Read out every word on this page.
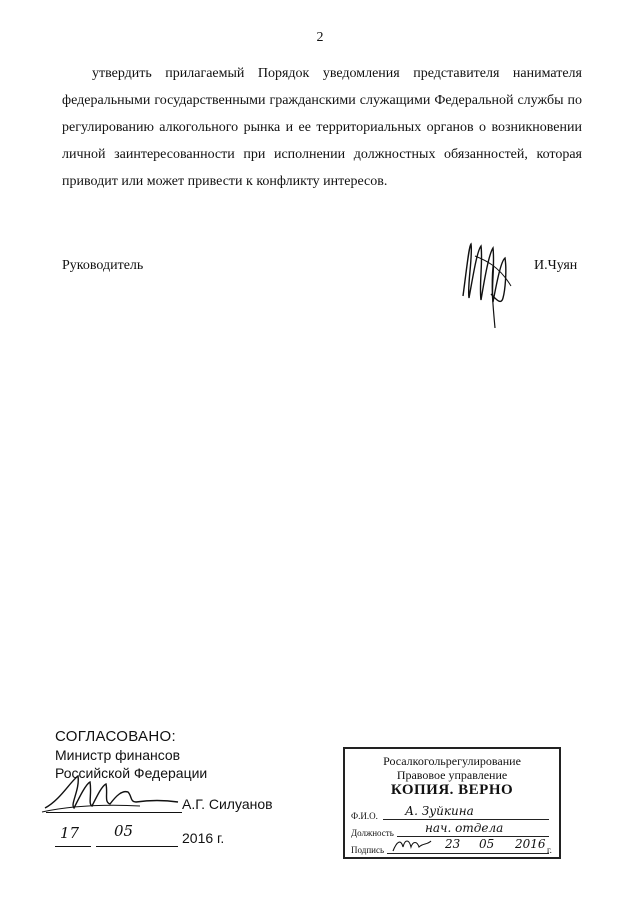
2
утвердить прилагаемый Порядок уведомления представителя нанимателя федеральными государственными гражданскими служащими Федеральной службы по регулированию алкогольного рынка и ее территориальных органов о возникновении личной заинтересованности при исполнении должностных обязанностей, которая приводит или может привести к конфликту интересов.
Руководитель	И.Чуян
СОГЛАСОВАНО:
Министр финансов
Российской Федерации
А.Г. Силуанов
17 05	2016 г.
Росалкогольрегулирование
Правовое управление
КОПИЯ. ВЕРНО
Ф.И.О. А. Зуйкина
Должность	нач. отдела
Подпись	23 05 2016 г.
